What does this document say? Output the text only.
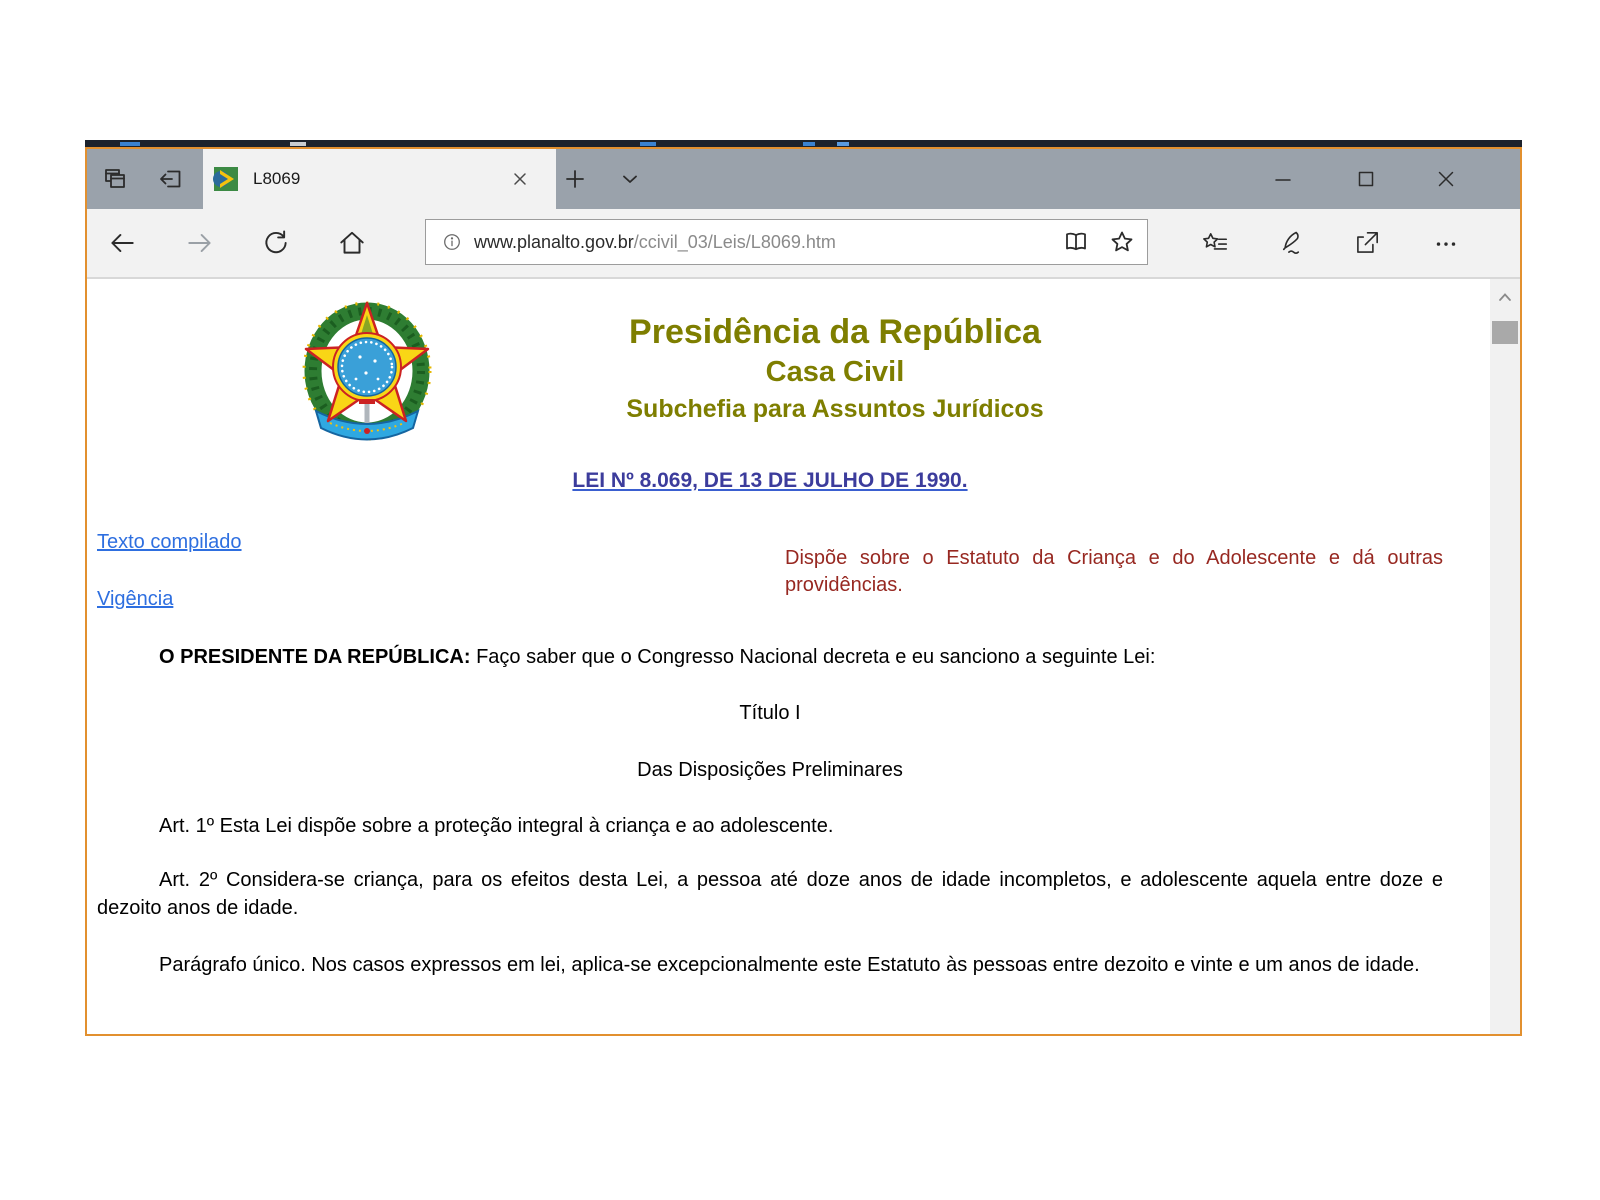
L8069
www.planalto.gov.br/ccivil_03/Leis/L8069.htm
Presidência da República
Casa Civil
Subchefia para Assuntos Jurídicos
LEI Nº 8.069, DE 13 DE JULHO DE 1990.
Texto compilado
Vigência
Dispõe sobre o Estatuto da Criança e do Adolescente e dá outras providências.
O PRESIDENTE DA REPÚBLICA: Faço saber que o Congresso Nacional decreta e eu sanciono a seguinte Lei:
Título I
Das Disposições Preliminares
Art. 1º Esta Lei dispõe sobre a proteção integral à criança e ao adolescente.
Art. 2º Considera-se criança, para os efeitos desta Lei, a pessoa até doze anos de idade incompletos, e adolescente aquela entre doze e dezoito anos de idade.
Parágrafo único. Nos casos expressos em lei, aplica-se excepcionalmente este Estatuto às pessoas entre dezoito e vinte e um anos de idade.
